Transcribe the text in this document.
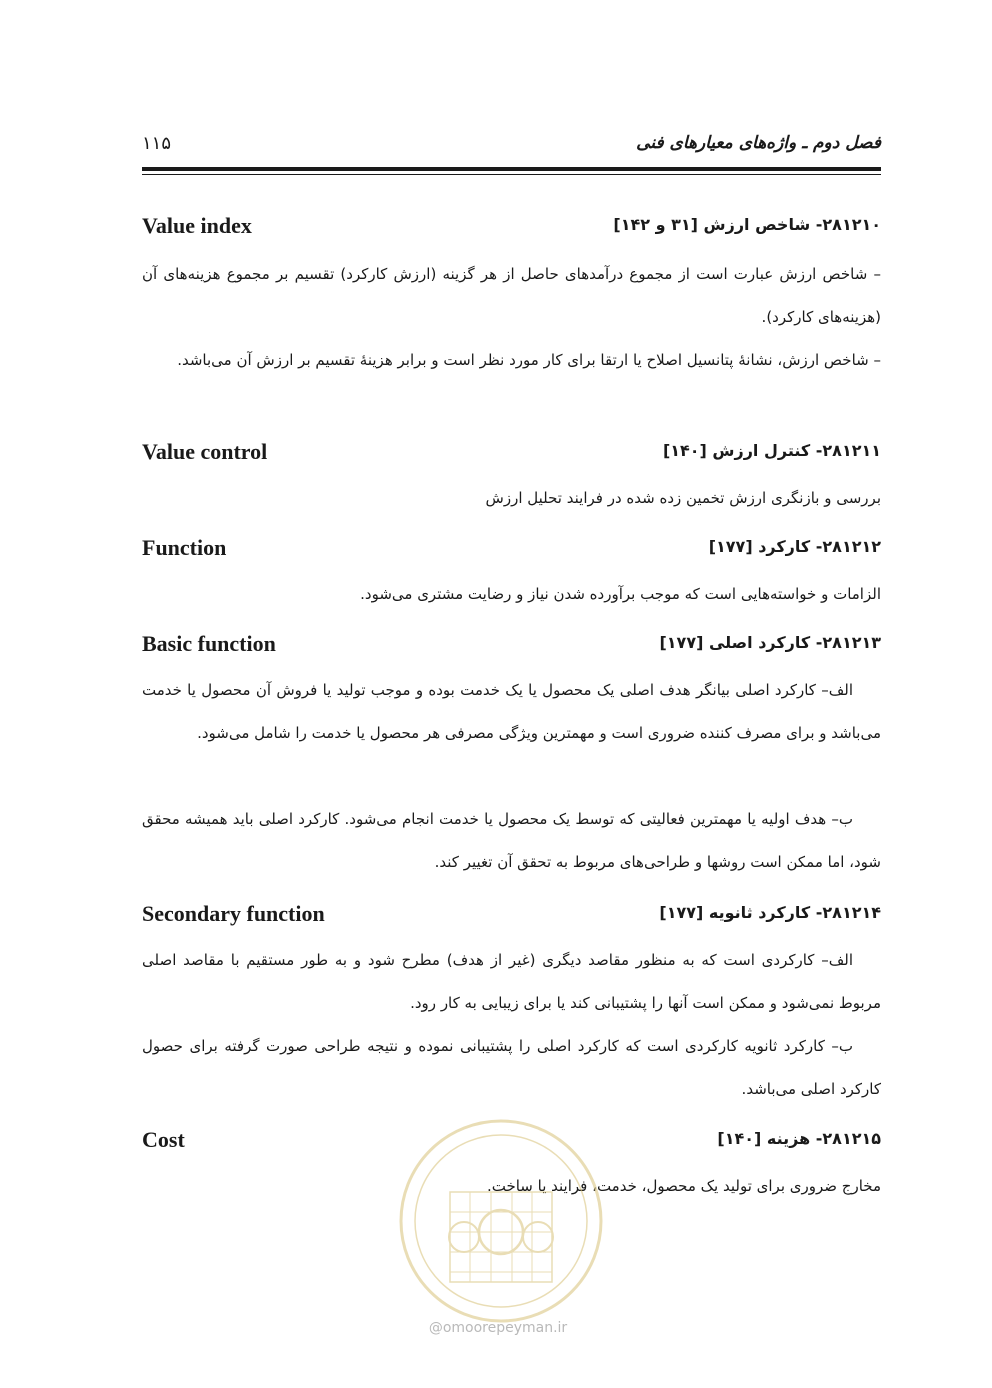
فصل دوم ـ واژه‌های معیارهای فنی
۱۱۵
۲۸۱۲۱۰- شاخص ارزش [۳۱ و ۱۴۲]
Value index

– شاخص ارزش عبارت است از مجموع درآمدهای حاصل از هر گزینه (ارزش کارکرد) تقسیم بر مجموع هزینه‌های آن (هزینه‌های کارکرد).

– شاخص ارزش، نشانهٔ پتانسیل اصلاح یا ارتقا برای کار مورد نظر است و برابر هزینهٔ تقسیم بر ارزش آن می‌باشد.

۲۸۱۲۱۱- کنترل ارزش [۱۴۰]
Value control

بررسی و بازنگری ارزش تخمین زده شده در فرایند تحلیل ارزش

۲۸۱۲۱۲- کارکرد [۱۷۷]
Function

الزامات و خواسته‌هایی است که موجب برآورده شدن نیاز و رضایت مشتری می‌شود.

۲۸۱۲۱۳- کارکرد اصلی [۱۷۷]
Basic function

الف– کارکرد اصلی بیانگر هدف اصلی یک محصول یا یک خدمت بوده و موجب تولید یا فروش آن محصول یا خدمت می‌باشد و برای مصرف کننده ضروری است و مهمترین ویژگی مصرفی هر محصول یا خدمت را شامل می‌شود.

ب– هدف اولیه یا مهمترین فعالیتی که توسط یک محصول یا خدمت انجام می‌شود. کارکرد اصلی باید همیشه محقق شود، اما ممکن است روشها و طراحی‌های مربوط به تحقق آن تغییر کند.

۲۸۱۲۱۴- کارکرد ثانویه [۱۷۷]
Secondary function

الف– کارکردی است که به منظور مقاصد دیگری (غیر از هدف) مطرح شود و به طور مستقیم با مقاصد اصلی مربوط نمی‌شود و ممکن است آنها را پشتیبانی کند یا برای زیبایی به کار رود.

ب– کارکرد ثانویه کارکردی است که کارکرد اصلی را پشتیبانی نموده و نتیجه طراحی صورت گرفته برای حصول کارکرد اصلی می‌باشد.

۲۸۱۲۱۵- هزینه [۱۴۰]
Cost

مخارج ضروری برای تولید یک محصول، خدمت، فرایند یا ساخت.

@omoorepeyman.ir
